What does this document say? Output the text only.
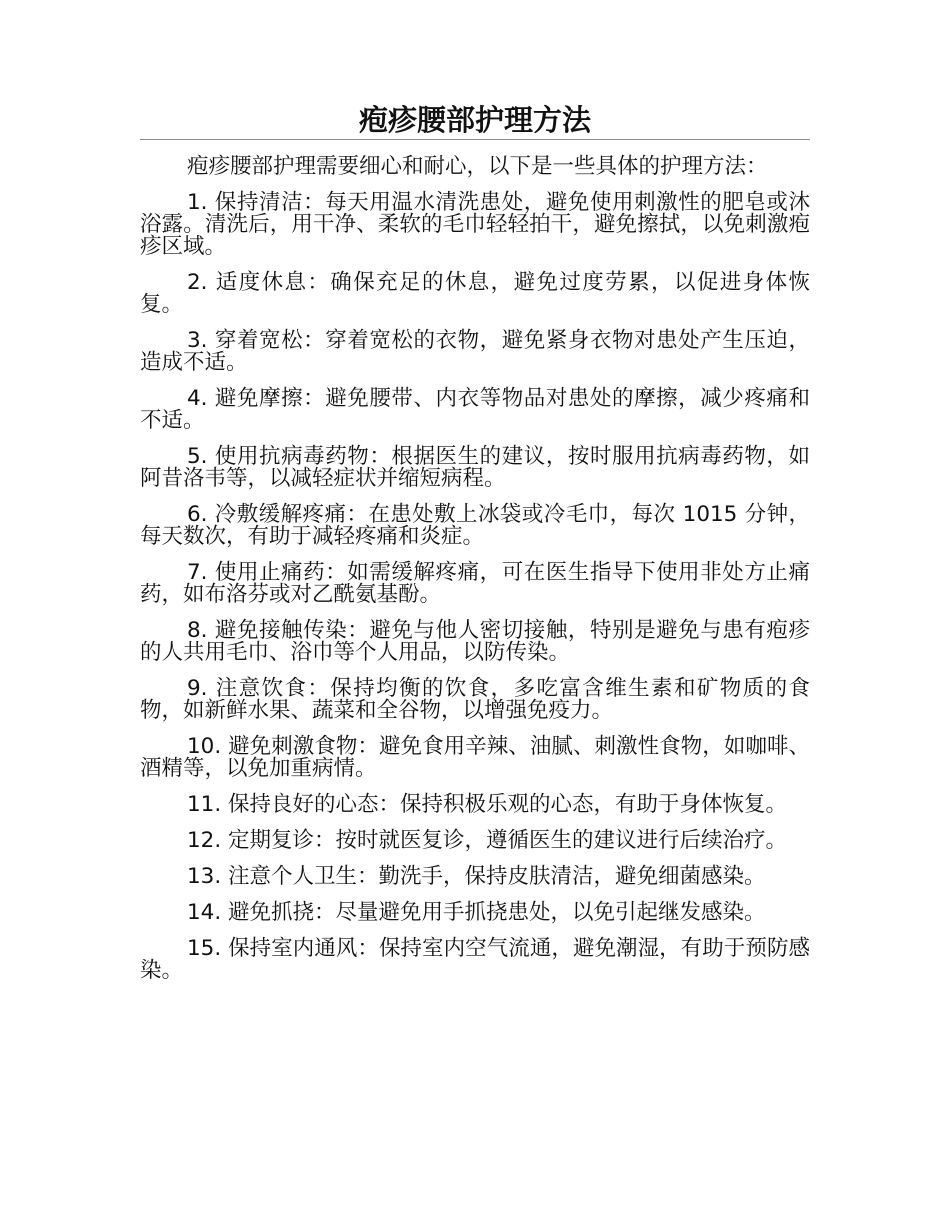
疱疹腰部护理方法

疱疹腰部护理需要细心和耐心，以下是一些具体的护理方法：

1. 保持清洁：每天用温水清洗患处，避免使用刺激性的肥皂或沐浴露。清洗后，用干净、柔软的毛巾轻轻拍干，避免擦拭，以免刺激疱疹区域。

2. 适度休息：确保充足的休息，避免过度劳累，以促进身体恢复。

3. 穿着宽松：穿着宽松的衣物，避免紧身衣物对患处产生压迫，造成不适。

4. 避免摩擦：避免腰带、内衣等物品对患处的摩擦，减少疼痛和不适。

5. 使用抗病毒药物：根据医生的建议，按时服用抗病毒药物，如阿昔洛韦等，以减轻症状并缩短病程。

6. 冷敷缓解疼痛：在患处敷上冰袋或冷毛巾，每次 1015 分钟，每天数次，有助于减轻疼痛和炎症。

7. 使用止痛药：如需缓解疼痛，可在医生指导下使用非处方止痛药，如布洛芬或对乙酰氨基酚。

8. 避免接触传染：避免与他人密切接触，特别是避免与患有疱疹的人共用毛巾、浴巾等个人用品，以防传染。

9. 注意饮食：保持均衡的饮食，多吃富含维生素和矿物质的食物，如新鲜水果、蔬菜和全谷物，以增强免疫力。

10. 避免刺激食物：避免食用辛辣、油腻、刺激性食物，如咖啡、酒精等，以免加重病情。

11. 保持良好的心态：保持积极乐观的心态，有助于身体恢复。

12. 定期复诊：按时就医复诊，遵循医生的建议进行后续治疗。

13. 注意个人卫生：勤洗手，保持皮肤清洁，避免细菌感染。

14. 避免抓挠：尽量避免用手抓挠患处，以免引起继发感染。

15. 保持室内通风：保持室内空气流通，避免潮湿，有助于预防感染。
